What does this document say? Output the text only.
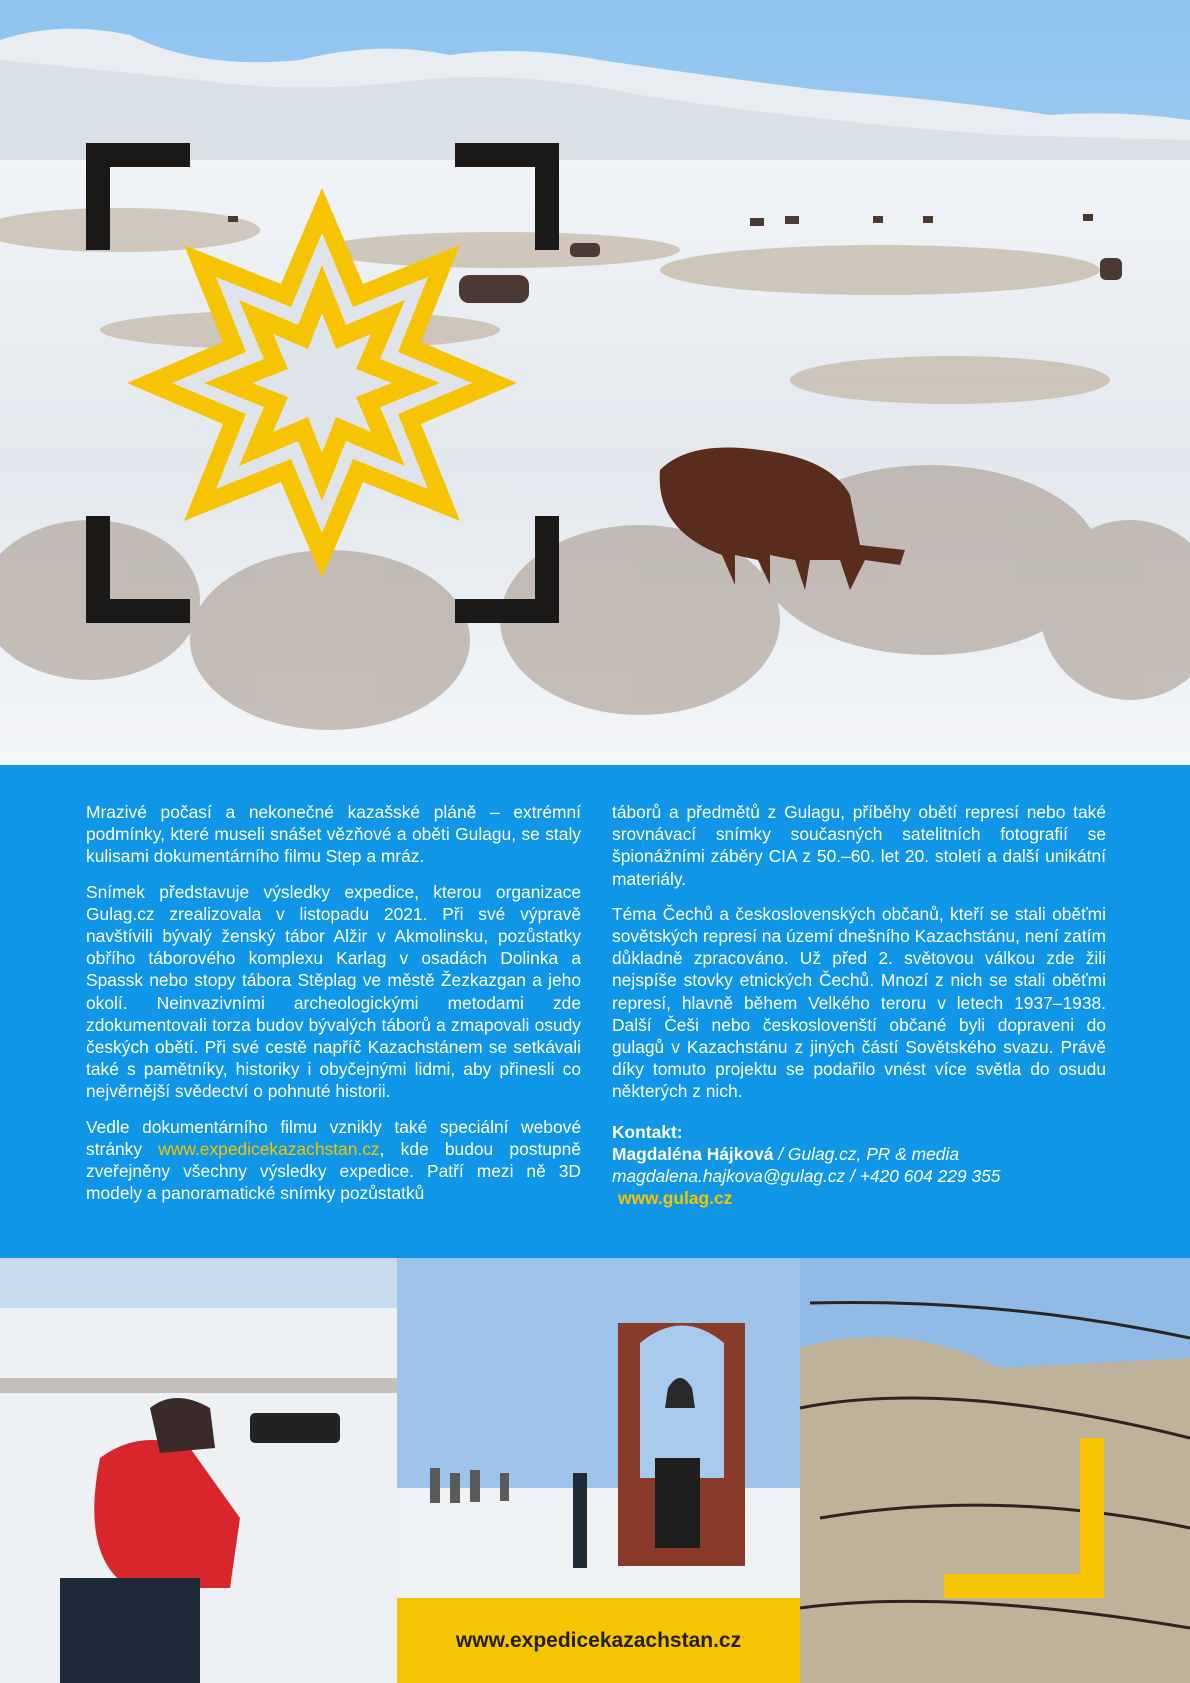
Mrazivé počasí a nekonečné kazašské pláně – extrémní podmínky, které museli snášet vězňové a oběti Gulagu, se staly kulisami dokumentárního filmu Step a mráz.

Snímek představuje výsledky expedice, kterou organizace Gulag.cz zrealizovala v listopadu 2021. Při své výpravě navštívili bývalý ženský tábor Alžir v Akmolinsku, pozůstatky obřího táborového komplexu Karlag v osadách Dolinka a Spassk nebo stopy tábora Stěplag ve městě Žezkazgan a jeho okolí. Neinvazivními archeologickými metodami zde zdokumentovali torza budov bývalých táborů a zmapovali osudy českých obětí. Při své cestě napříč Kazachstánem se setkávali také s pamětníky, historiky i obyčejnými lidmi, aby přinesli co nejvěrnější svědectví o pohnuté historii.

Vedle dokumentárního filmu vznikly také speciální webové stránky www.expedicekazachstan.cz, kde budou postupně zveřejněny všechny výsledky expedice. Patří mezi ně 3D modely a panoramatické snímky pozůstatků

táborů a předmětů z Gulagu, příběhy obětí represí nebo také srovnávací snímky současných satelitních fotografií se špionážními záběry CIA z 50.–60. let 20. století a další unikátní materiály.

Téma Čechů a československých občanů, kteří se stali oběťmi sovětských represí na území dnešního Kazachstánu, není zatím důkladně zpracováno. Už před 2. světovou válkou zde žili nejspíše stovky etnických Čechů. Mnozí z nich se stali oběťmi represí, hlavně během Velkého teroru v letech 1937–1938. Další Češi nebo českoslovenští občané byli dopraveni do gulagů v Kazachstánu z jiných částí Sovětského svazu. Právě díky tomuto projektu se podařilo vnést více světla do osudu některých z nich.

Kontakt:
Magdaléna Hájková / Gulag.cz, PR & media
magdalena.hajkova@gulag.cz / +420 604 229 355
www.gulag.cz
www.expedicekazachstan.cz
